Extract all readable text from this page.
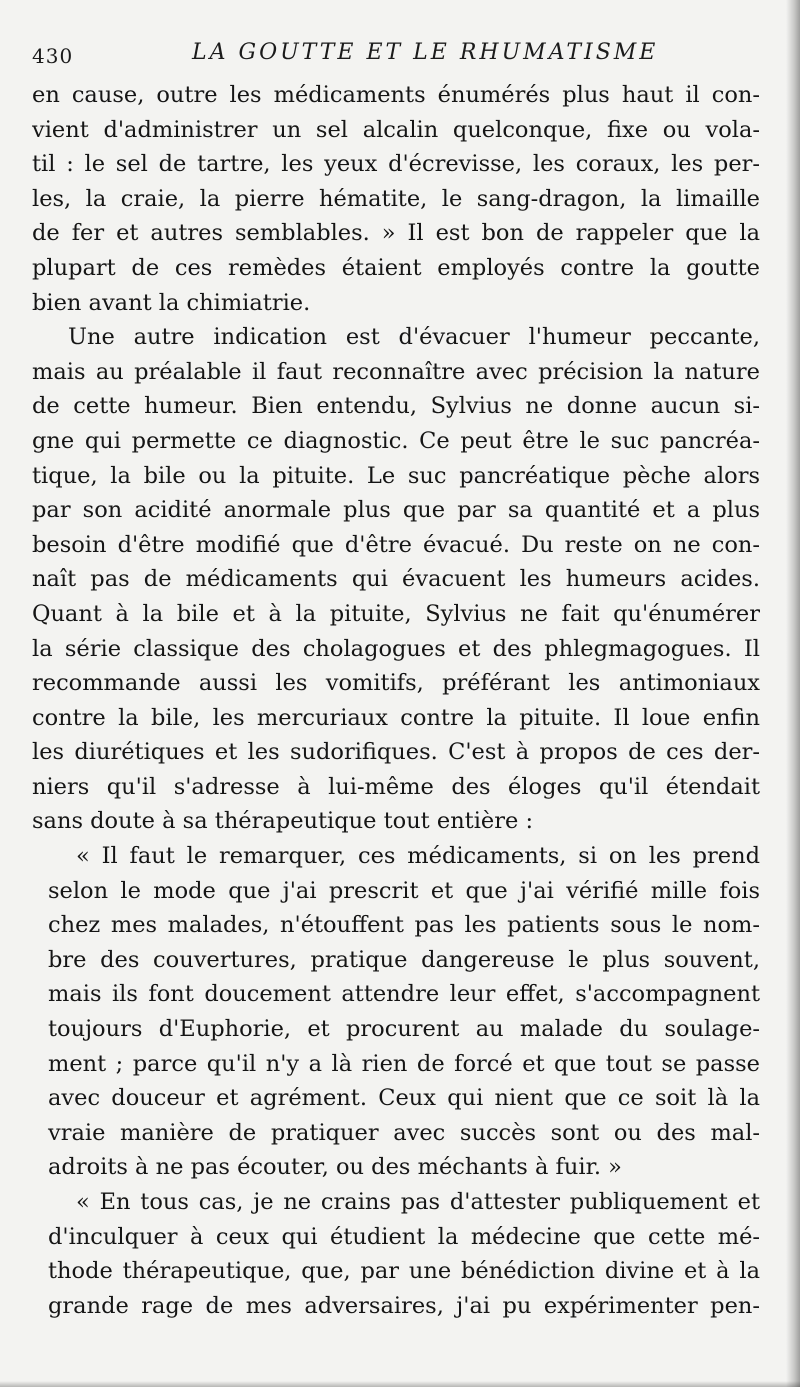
430	LA GOUTTE ET LE RHUMATISME
en cause, outre les médicaments énumérés plus haut il con-
vient d'administrer un sel alcalin quelconque, fixe ou vola-
til : le sel de tartre, les yeux d'écrevisse, les coraux, les per-
les, la craie, la pierre hématite, le sang-dragon, la limaille
de fer et autres semblables. » Il est bon de rappeler que la
plupart de ces remèdes étaient employés contre la goutte
bien avant la chimiatrie.
Une autre indication est d'évacuer l'humeur peccante,
mais au préalable il faut reconnaître avec précision la nature
de cette humeur. Bien entendu, Sylvius ne donne aucun si-
gne qui permette ce diagnostic. Ce peut être le suc pancréa-
tique, la bile ou la pituite. Le suc pancréatique pèche alors
par son acidité anormale plus que par sa quantité et a plus
besoin d'être modifié que d'être évacué. Du reste on ne con-
naît pas de médicaments qui évacuent les humeurs acides.
Quant à la bile et à la pituite, Sylvius ne fait qu'énumérer
la série classique des cholagogues et des phlegmagogues. Il
recommande aussi les vomitifs, préférant les antimoniaux
contre la bile, les mercuriaux contre la pituite. Il loue enfin
les diurétiques et les sudorifiques. C'est à propos de ces der-
niers qu'il s'adresse à lui-même des éloges qu'il étendait
sans doute à sa thérapeutique tout entière :
« Il faut le remarquer, ces médicaments, si on les prend
selon le mode que j'ai prescrit et que j'ai vérifié mille fois
chez mes malades, n'étouffent pas les patients sous le nom-
bre des couvertures, pratique dangereuse le plus souvent,
mais ils font doucement attendre leur effet, s'accompagnent
toujours d'Euphorie, et procurent au malade du soulage-
ment ; parce qu'il n'y a là rien de forcé et que tout se passe
avec douceur et agrément. Ceux qui nient que ce soit là la
vraie manière de pratiquer avec succès sont ou des mal-
adroits à ne pas écouter, ou des méchants à fuir. »
« En tous cas, je ne crains pas d'attester publiquement et
d'inculquer à ceux qui étudient la médecine que cette mé-
thode thérapeutique, que, par une bénédiction divine et à la
grande rage de mes adversaires, j'ai pu expérimenter pen-
